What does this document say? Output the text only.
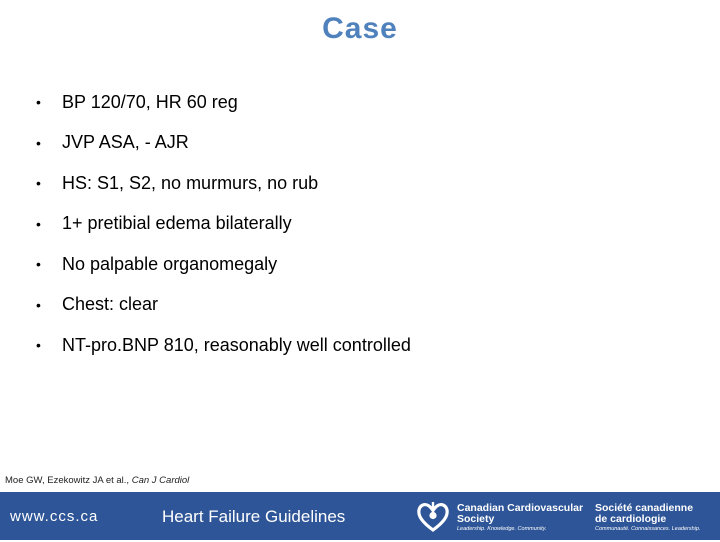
Case
•	BP 120/70, HR 60 reg
•	JVP ASA, - AJR
•	HS: S1, S2, no murmurs, no rub
•	1+ pretibial edema bilaterally
•	No palpable organomegaly
•	Chest: clear
•	NT-pro.BNP 810, reasonably well controlled
Moe GW, Ezekowitz JA et al., Can J Cardiol
www.ccs.ca	Heart Failure Guidelines	Canadian Cardiovascular
Society
Leadership. Knowledge. Community.
Société canadienne
de cardiologie
Communauté. Connaissances. Leadership.
